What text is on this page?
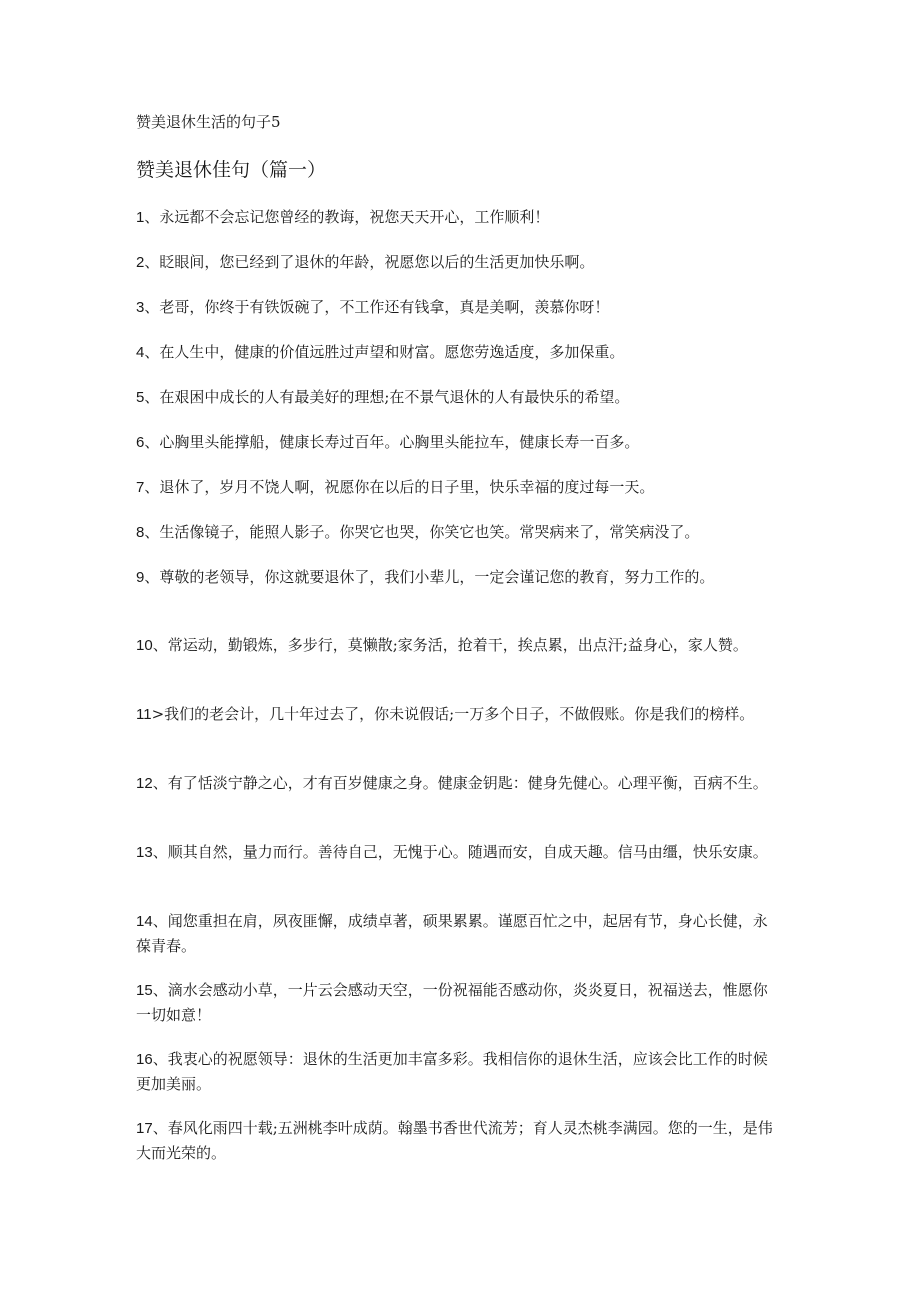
赞美退休生活的句子5
赞美退休佳句（篇一）

1、永远都不会忘记您曾经的教诲，祝您天天开心，工作顺利！

2、眨眼间，您已经到了退休的年龄，祝愿您以后的生活更加快乐啊。

3、老哥，你终于有铁饭碗了，不工作还有钱拿，真是美啊，羡慕你呀！

4、在人生中，健康的价值远胜过声望和财富。愿您劳逸适度，多加保重。

5、在艰困中成长的人有最美好的理想;在不景气退休的人有最快乐的希望。

6、心胸里头能撑船，健康长寿过百年。心胸里头能拉车，健康长寿一百多。

7、退休了，岁月不饶人啊，祝愿你在以后的日子里，快乐幸福的度过每一天。

8、生活像镜子，能照人影子。你哭它也哭，你笑它也笑。常哭病来了，常笑病没了。

9、尊敬的老领导，你这就要退休了，我们小辈儿，一定会谨记您的教育，努力工作的。

10、常运动，勤锻炼，多步行，莫懒散;家务活，抢着干，挨点累，出点汗;益身心，家人赞。

11>我们的老会计，几十年过去了，你未说假话;一万多个日子，不做假账。你是我们的榜样。

12、有了恬淡宁静之心，才有百岁健康之身。健康金钥匙：健身先健心。心理平衡，百病不生。

13、顺其自然，量力而行。善待自己，无愧于心。随遇而安，自成天趣。信马由缰，快乐安康。

14、闻您重担在肩，夙夜匪懈，成绩卓著，硕果累累。谨愿百忙之中，起居有节，身心长健，永葆青春。

15、滴水会感动小草，一片云会感动天空，一份祝福能否感动你，炎炎夏日，祝福送去，惟愿你一切如意！

16、我衷心的祝愿领导：退休的生活更加丰富多彩。我相信你的退休生活，应该会比工作的时候更加美丽。

17、春风化雨四十载;五洲桃李叶成荫。翰墨书香世代流芳；育人灵杰桃李满园。您的一生，是伟大而光荣的。
